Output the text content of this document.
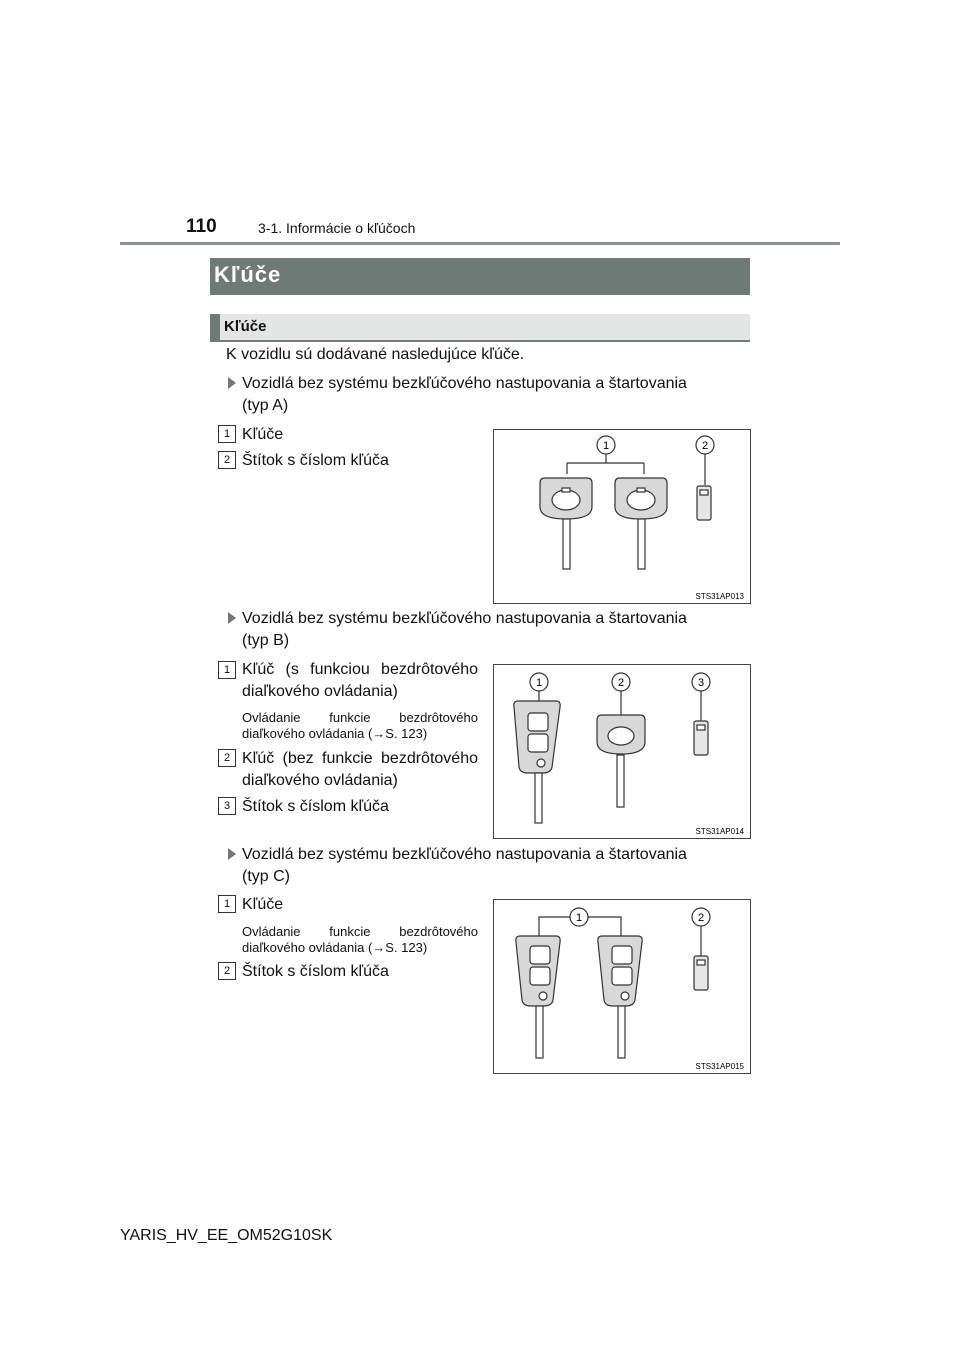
110	3-1. Informácie o kľúčoch
Kľúče
Kľúče
K vozidlu sú dodávané nasledujúce kľúče.
Vozidlá bez systému bezkľúčového nastupovania a štartovania
(typ A)
1 Kľúče
2 Štítok s číslom kľúča
1	2
STS31AP013
Vozidlá bez systému bezkľúčového nastupovania a štartovania
(typ B)
1 Kľúč (s funkciou bezdrôtového
diaľkového ovládania)
Ovládanie funkcie bezdrôtového
diaľkového ovládania (→S. 123)
2 Kľúč (bez funkcie bezdrôtového
diaľkového ovládania)
3 Štítok s číslom kľúča
1	2	3
STS31AP014
Vozidlá bez systému bezkľúčového nastupovania a štartovania
(typ C)
1 Kľúče
Ovládanie funkcie bezdrôtového
diaľkového ovládania (→S. 123)
2 Štítok s číslom kľúča
1	2
STS31AP015
YARIS_HV_EE_OM52G10SK
